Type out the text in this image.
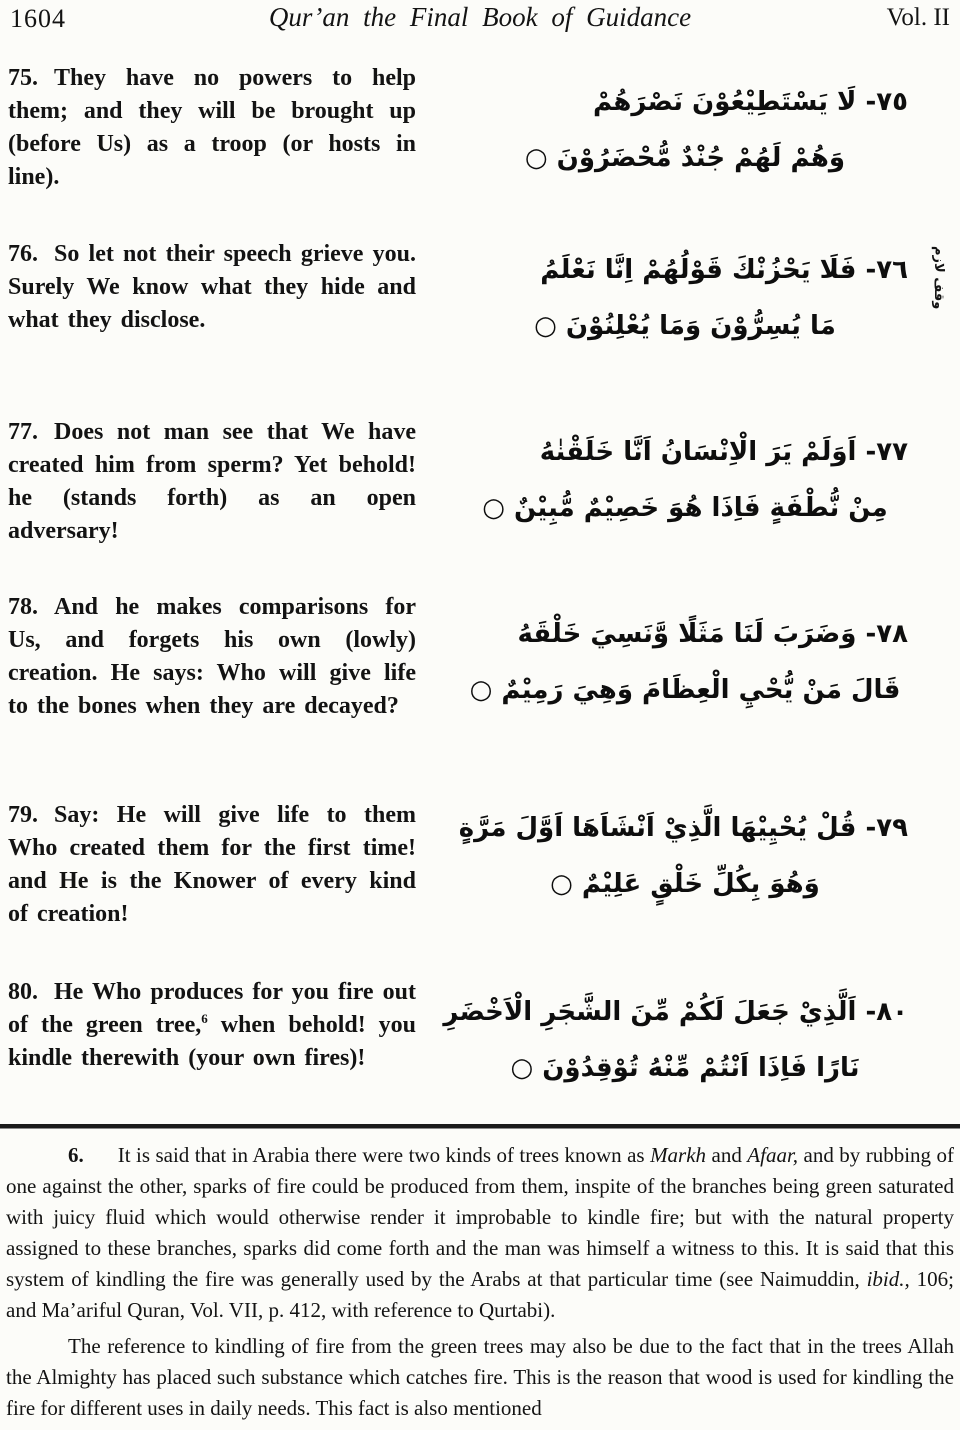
1604	Qur’an the Final Book of Guidance	Vol. II
75. They have no powers to help them; and they will be brought up (before Us) as a troop (or hosts in line).
٧٥- لَا يَسْتَطِيْعُوْنَ نَصْرَهُمْ
وَهُمْ لَهُمْ جُنْدٌ مُّحْضَرُوْنَ ○
76. So let not their speech grieve you. Surely We know what they hide and what they disclose.
٧٦- فَلَا يَحْزُنْكَ قَوْلُهُمْ اِنَّا نَعْلَمُ
مَا يُسِرُّوْنَ وَمَا يُعْلِنُوْنَ ○
وقف لازم
77. Does not man see that We have created him from sperm? Yet behold! he (stands forth) as an open adversary!
٧٧- اَوَلَمْ يَرَ الْاِنْسَانُ اَنَّا خَلَقْنٰهُ
مِنْ نُّطْفَةٍ فَاِذَا هُوَ خَصِيْمٌ مُّبِيْنٌ ○
78. And he makes comparisons for Us, and forgets his own (lowly) creation. He says: Who will give life to the bones when they are decayed?
٧٨- وَضَرَبَ لَنَا مَثَلًا وَّنَسِيَ خَلْقَهُ
قَالَ مَنْ يُّحْيِ الْعِظَامَ وَهِيَ رَمِيْمٌ ○
79. Say: He will give life to them Who created them for the first time! and He is the Knower of every kind of creation!
٧٩- قُلْ يُحْيِيْهَا الَّذِيْ اَنْشَاَهَا اَوَّلَ مَرَّةٍ
وَهُوَ بِكُلِّ خَلْقٍ عَلِيْمٌ ○
80. He Who produces for you fire out of the green tree,$^6$ when behold! you kindle therewith (your own fires)!
٨٠- اَلَّذِيْ جَعَلَ لَكُمْ مِّنَ الشَّجَرِ الْاَخْضَرِ
نَارًا فَاِذَا اَنْتُمْ مِّنْهُ تُوْقِدُوْنَ ○

6. It is said that in Arabia there were two kinds of trees known as Markh and Afaar, and by rubbing of one against the other, sparks of fire could be produced from them, inspite of the branches being green saturated with juicy fluid which would otherwise render it improbable to kindle fire; but with the natural property assigned to these branches, sparks did come forth and the man was himself a witness to this. It is said that this system of kindling the fire was generally used by the Arabs at that particular time (see Naimuddin, ibid., 106; and Ma’ariful Quran, Vol. VII, p. 412, with reference to Qurtabi).

The reference to kindling of fire from the green trees may also be due to the fact that in the trees Allah the Almighty has placed such substance which catches fire. This is the reason that wood is used for kindling the fire for different uses in daily needs. This fact is also mentioned
